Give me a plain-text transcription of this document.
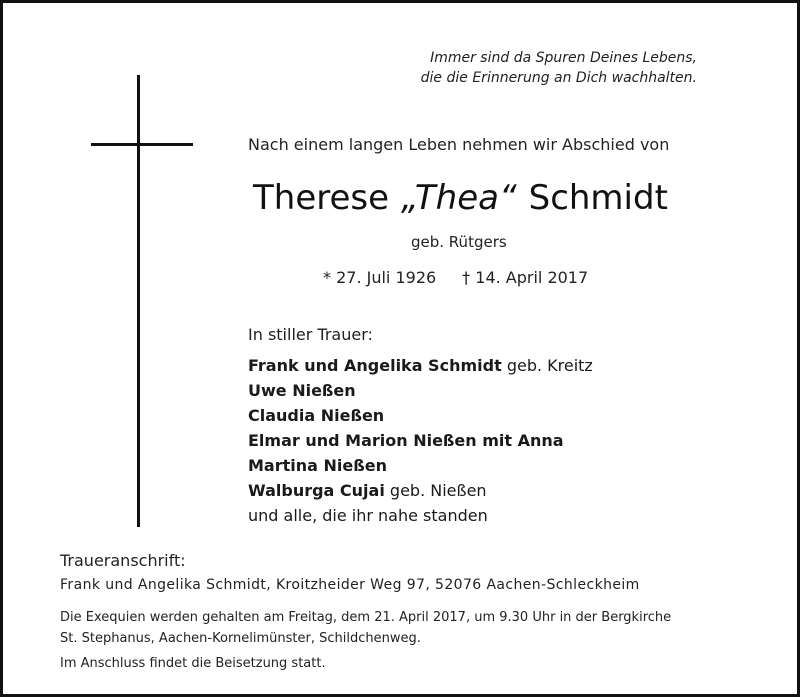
Immer sind da Spuren Deines Lebens,
die die Erinnerung an Dich wachhalten.
Nach einem langen Leben nehmen wir Abschied von
Therese „Thea“ Schmidt
geb. Rütgers
* 27. Juli 1926 † 14. April 2017
In stiller Trauer:
Frank und Angelika Schmidt geb. Kreitz
Uwe Nießen
Claudia Nießen
Elmar und Marion Nießen mit Anna
Martina Nießen
Walburga Cujai geb. Nießen
und alle, die ihr nahe standen
Traueranschrift:
Frank und Angelika Schmidt, Kroitzheider Weg 97, 52076 Aachen-Schleckheim
Die Exequien werden gehalten am Freitag, dem 21. April 2017, um 9.30 Uhr in der Bergkirche
St. Stephanus, Aachen-Kornelimünster, Schildchenweg.
Im Anschluss findet die Beisetzung statt.
